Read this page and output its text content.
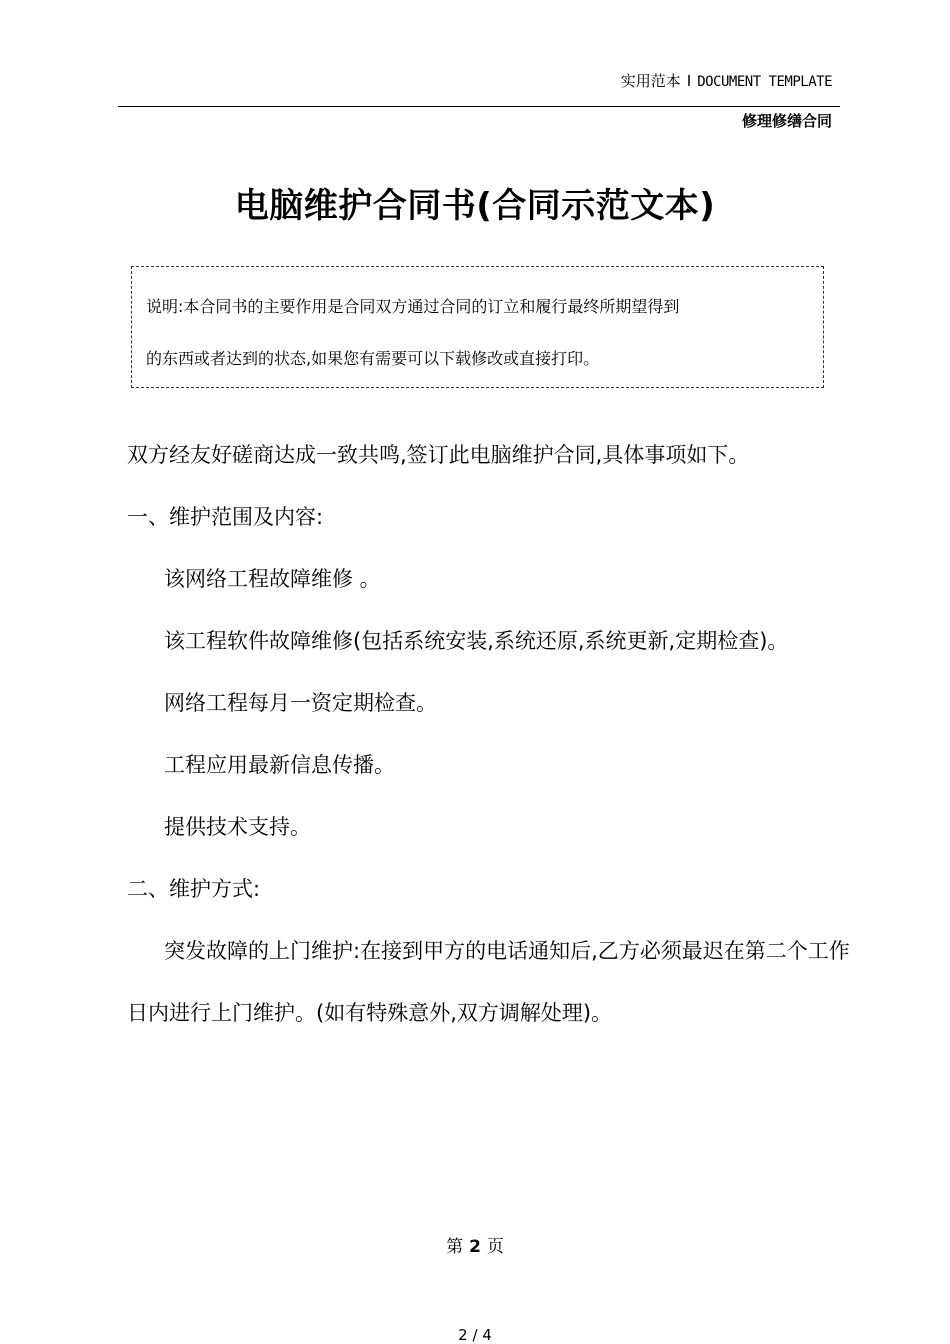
实用范本 I DOCUMENT TEMPLATE
修理修缮合同
电脑维护合同书(合同示范文本)
说明:本合同书的主要作用是合同双方通过合同的订立和履行最终所期望得到
的东西或者达到的状态,如果您有需要可以下载修改或直接打印。

双方经友好磋商达成一致共鸣,签订此电脑维护合同,具体事项如下。

一、维护范围及内容:

该网络工程故障维修 。

该工程软件故障维修(包括系统安装,系统还原,系统更新,定期检查)。

网络工程每月一资定期检查。

工程应用最新信息传播。

提供技术支持。

二、维护方式:

突发故障的上门维护:在接到甲方的电话通知后,乙方必须最迟在第二个工作日内进行上门维护。(如有特殊意外,双方调解处理)。

第 2 页
2 / 4
